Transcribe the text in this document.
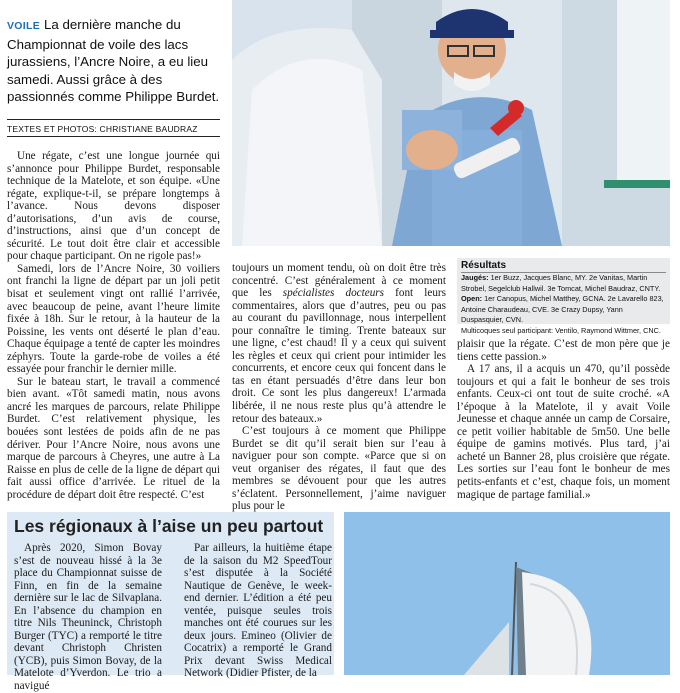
VOILE La dernière manche du Championnat de voile des lacs jurassiens, l’Ancre Noire, a eu lieu samedi. Aussi grâce à des passionnés comme Philippe Burdet.
TEXTES ET PHOTOS: CHRISTIANE BAUDRAZ

Une régate, c’est une longue journée qui s’annonce pour Philippe Burdet, responsable technique de la Matelote, et son équipe. «Une régate, explique-t-il, se prépare longtemps à l’avance. Nous devons disposer d’autorisations, d’un avis de course, d’instructions, ainsi que d’un concept de sécurité. Le tout doit être clair et accessible pour chaque participant. On ne rigole pas!»

Samedi, lors de l’Ancre Noire, 30 voiliers ont franchi la ligne de départ par un joli petit bisat et seulement vingt ont rallié l’arrivée, avec beaucoup de peine, avant l’heure limite fixée à 18h. Sur le retour, à la hauteur de la Poissine, les vents ont déserté le plan d’eau. Chaque équipage a tenté de capter les moindres zéphyrs. Toute la garde-robe de voiles a été essayée pour franchir le dernier mille.

Sur le bateau start, le travail a commencé bien avant. «Tôt samedi matin, nous avons ancré les marques de parcours, relate Philippe Burdet. C’est relativement physique, les bouées sont lestées de poids afin de ne pas dériver. Pour l’Ancre Noire, nous avons une marque de parcours à Cheyres, une autre à La Raisse en plus de celle de la ligne de départ qui fait aussi office d’arrivée. Le rituel de la procédure de départ doit être respecté. C’est

toujours un moment tendu, où on doit être très concentré. C’est généralement à ce moment que les spécialistes docteurs font leurs commentaires, alors que d’autres, peu ou pas au courant du pavillonnage, nous interpellent pour connaître le timing. Trente bateaux sur une ligne, c’est chaud! Il y a ceux qui suivent les règles et ceux qui crient pour intimider les concurrents, et encore ceux qui foncent dans le tas en étant persuadés d’être dans leur bon droit. Ce sont les plus dangereux! L’armada libérée, il ne nous reste plus qu’à attendre le retour des bateaux.»

C’est toujours à ce moment que Philippe Burdet se dit qu’il serait bien sur l’eau à naviguer pour son compte. «Parce que si on veut organiser des régates, il faut que des membres se dévouent pour que les autres s’éclatent. Personnellement, j’aime naviguer plus pour le

Résultats
Jaugés: 1er Buzz, Jacques Blanc, MY. 2e Vanitas, Martin Strobel, Segelclub Hallwil. 3e Tomcat, Michel Baudraz, CNTY.
Open: 1er Canopus, Michel Matthey, GCNA. 2e Lavarello 823, Antoine Charaudeau, CVE. 3e Crazy Dupsy, Yann Duspasquier, CVN.
Multicoques seul participant: Ventilo, Raymond Wittmer, CNC.

plaisir que la régate. C’est de mon père que je tiens cette passion.»

A 17 ans, il a acquis un 470, qu’il possède toujours et qui a fait le bonheur de ses trois enfants. Ceux-ci ont tout de suite croché. «A l’époque à la Matelote, il y avait Voile Jeunesse et chaque année un camp de Corsaire, ce petit voilier habitable de 5m50. Une belle équipe de gamins motivés. Plus tard, j’ai acheté un Banner 28, plus croisière que régate. Les sorties sur l’eau font le bonheur de mes petits-enfants et c’est, chaque fois, un moment magique de partage familial.»

Les régionaux à l’aise un peu partout

Après 2020, Simon Bovay s’est de nouveau hissé à la 3e place du Championnat suisse de Finn, en fin de la semaine dernière sur le lac de Silvaplana. En l’absence du champion en titre Nils Theuninck, Christoph Burger (TYC) a remporté le titre devant Christoph Christen (YCB), puis Simon Bovay, de la Matelote d’Yverdon. Le trio a navigué

Par ailleurs, la huitième étape de la saison du M2 SpeedTour s’est disputée à la Société Nautique de Genève, le week-end dernier. L’édition a été peu ventée, puisque seules trois manches ont été courues sur les deux jours. Emineo (Olivier de Cocatrix) a remporté le Grand Prix devant Swiss Medical Network (Didier Pfister, de la
